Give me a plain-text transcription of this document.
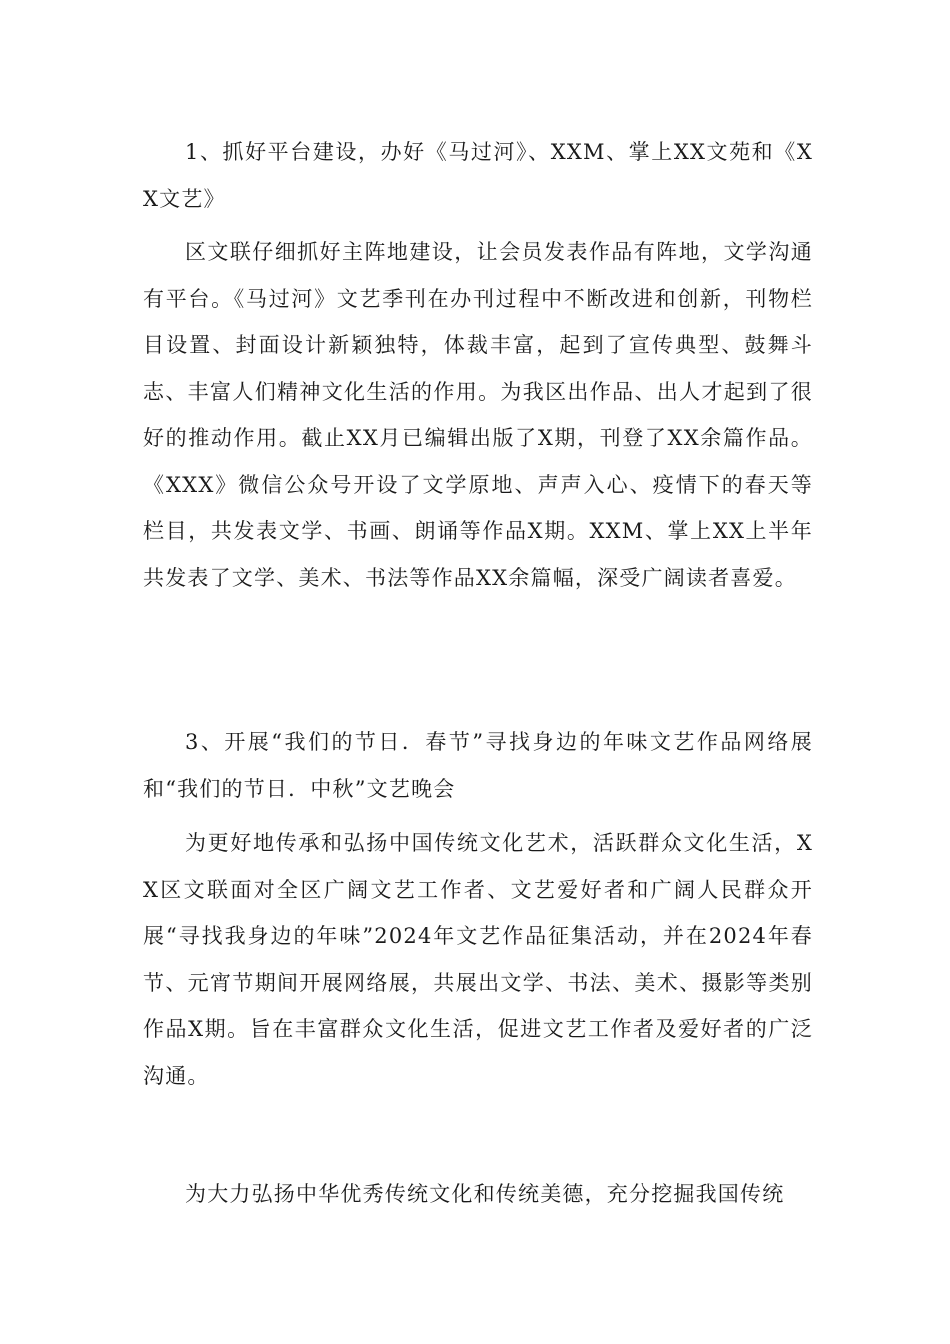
1、抓好平台建设，办好《马过河》、XXM、掌上XX文苑和《XX文艺》

区文联仔细抓好主阵地建设，让会员发表作品有阵地，文学沟通有平台。《马过河》文艺季刊在办刊过程中不断改进和创新，刊物栏目设置、封面设计新颖独特，体裁丰富，起到了宣传典型、鼓舞斗志、丰富人们精神文化生活的作用。为我区出作品、出人才起到了很好的推动作用。截止XX月已编辑出版了X期，刊登了XX余篇作品。《XXX》微信公众号开设了文学原地、声声入心、疫情下的春天等栏目，共发表文学、书画、朗诵等作品X期。XXM、掌上XX上半年共发表了文学、美术、书法等作品XX余篇幅，深受广阔读者喜爱。

3、开展“我们的节日．春节”寻找身边的年味文艺作品网络展和“我们的节日．中秋”文艺晚会

为更好地传承和弘扬中国传统文化艺术，活跃群众文化生活，XX区文联面对全区广阔文艺工作者、文艺爱好者和广阔人民群众开展“寻找我身边的年味”2024年文艺作品征集活动，并在2024年春节、元宵节期间开展网络展，共展出文学、书法、美术、摄影等类别作品X期。旨在丰富群众文化生活，促进文艺工作者及爱好者的广泛沟通。

为大力弘扬中华优秀传统文化和传统美德，充分挖掘我国传统
